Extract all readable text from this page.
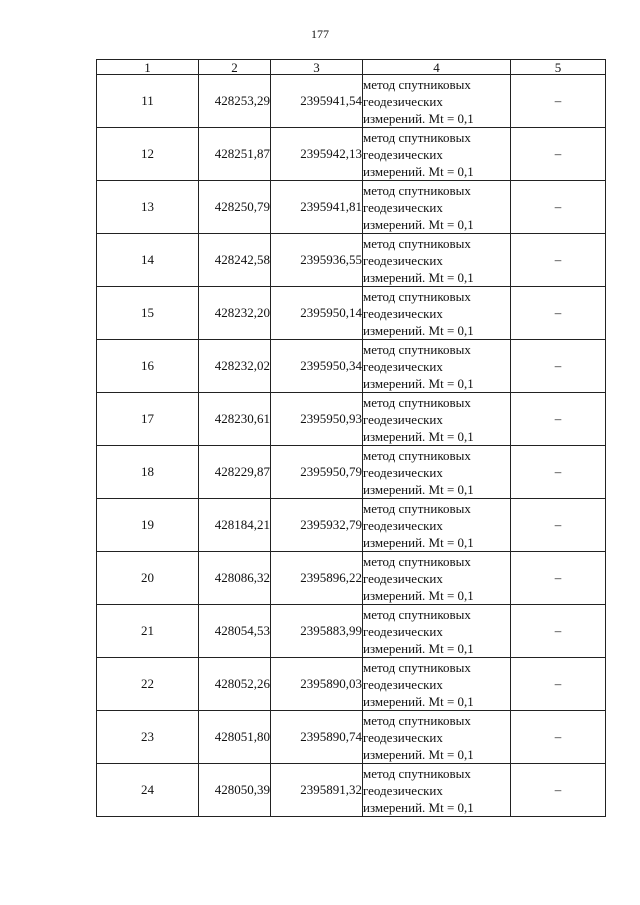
177
1	2	3	4	5
11	428253,29	2395941,54	метод спутниковых
геодезических
измерений. Mt = 0,1	–
12	428251,87	2395942,13	метод спутниковых
геодезических
измерений. Mt = 0,1	–
13	428250,79	2395941,81	метод спутниковых
геодезических
измерений. Mt = 0,1	–
14	428242,58	2395936,55	метод спутниковых
геодезических
измерений. Mt = 0,1	–
15	428232,20	2395950,14	метод спутниковых
геодезических
измерений. Mt = 0,1	–
16	428232,02	2395950,34	метод спутниковых
геодезических
измерений. Mt = 0,1	–
17	428230,61	2395950,93	метод спутниковых
геодезических
измерений. Mt = 0,1	–
18	428229,87	2395950,79	метод спутниковых
геодезических
измерений. Mt = 0,1	–
19	428184,21	2395932,79	метод спутниковых
геодезических
измерений. Mt = 0,1	–
20	428086,32	2395896,22	метод спутниковых
геодезических
измерений. Mt = 0,1	–
21	428054,53	2395883,99	метод спутниковых
геодезических
измерений. Mt = 0,1	–
22	428052,26	2395890,03	метод спутниковых
геодезических
измерений. Mt = 0,1	–
23	428051,80	2395890,74	метод спутниковых
геодезических
измерений. Mt = 0,1	–
24	428050,39	2395891,32	метод спутниковых
геодезических
измерений. Mt = 0,1	–
